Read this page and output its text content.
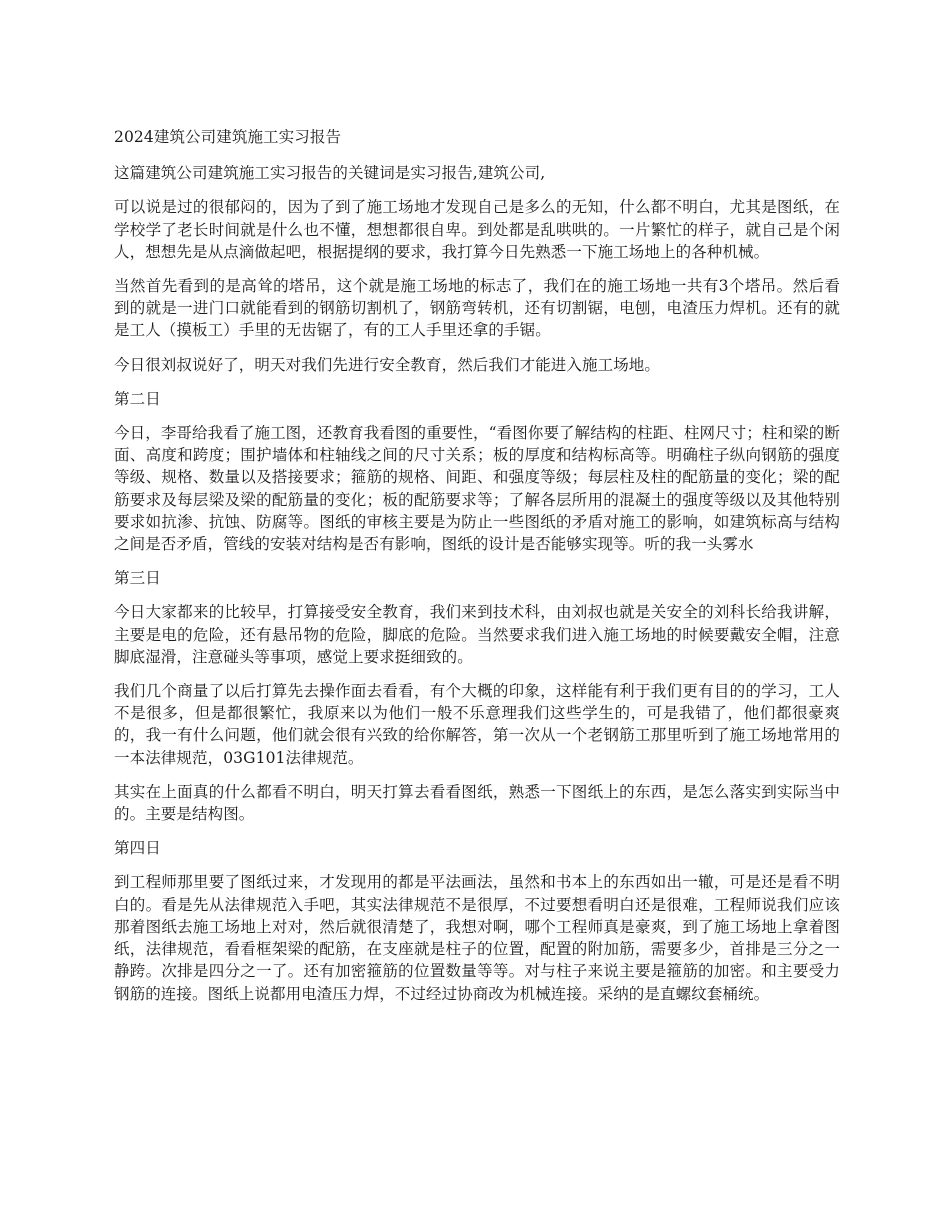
2024建筑公司建筑施工实习报告

这篇建筑公司建筑施工实习报告的关键词是实习报告,建筑公司,

可以说是过的很郁闷的，因为了到了施工场地才发现自己是多么的无知，什么都不明白，尤其是图纸，在学校学了老长时间就是什么也不懂，想想都很自卑。到处都是乱哄哄的。一片繁忙的样子，就自己是个闲人，想想先是从点滴做起吧，根据提纲的要求，我打算今日先熟悉一下施工场地上的各种机械。

当然首先看到的是高耸的塔吊，这个就是施工场地的标志了，我们在的施工场地一共有3个塔吊。然后看到的就是一进门口就能看到的钢筋切割机了，钢筋弯转机，还有切割锯，电刨，电渣压力焊机。还有的就是工人（摸板工）手里的无齿锯了，有的工人手里还拿的手锯。

今日很刘叔说好了，明天对我们先进行安全教育，然后我们才能进入施工场地。

第二日

今日，李哥给我看了施工图，还教育我看图的重要性，“看图你要了解结构的柱距、柱网尺寸；柱和梁的断面、高度和跨度；围护墙体和柱轴线之间的尺寸关系；板的厚度和结构标高等。明确柱子纵向钢筋的强度等级、规格、数量以及搭接要求；箍筋的规格、间距、和强度等级；每层柱及柱的配筋量的变化；梁的配筋要求及每层梁及梁的配筋量的变化；板的配筋要求等；了解各层所用的混凝土的强度等级以及其他特别要求如抗渗、抗蚀、防腐等。图纸的审核主要是为防止一些图纸的矛盾对施工的影响，如建筑标高与结构之间是否矛盾，管线的安装对结构是否有影响，图纸的设计是否能够实现等。听的我一头雾水

第三日

今日大家都来的比较早，打算接受安全教育，我们来到技术科，由刘叔也就是关安全的刘科长给我讲解，主要是电的危险，还有悬吊物的危险，脚底的危险。当然要求我们进入施工场地的时候要戴安全帽，注意脚底湿滑，注意碰头等事项，感觉上要求挺细致的。

我们几个商量了以后打算先去操作面去看看，有个大概的印象，这样能有利于我们更有目的的学习，工人不是很多，但是都很繁忙，我原来以为他们一般不乐意理我们这些学生的，可是我错了，他们都很豪爽的，我一有什么问题，他们就会很有兴致的给你解答，第一次从一个老钢筋工那里听到了施工场地常用的一本法律规范，03G101法律规范。

其实在上面真的什么都看不明白，明天打算去看看图纸，熟悉一下图纸上的东西，是怎么落实到实际当中的。主要是结构图。

第四日

到工程师那里要了图纸过来，才发现用的都是平法画法，虽然和书本上的东西如出一辙，可是还是看不明白的。看是先从法律规范入手吧，其实法律规范不是很厚，不过要想看明白还是很难，工程师说我们应该那着图纸去施工场地上对对，然后就很清楚了，我想对啊，哪个工程师真是豪爽，到了施工场地上拿着图纸，法律规范，看看框架梁的配筋，在支座就是柱子的位置，配置的附加筋，需要多少，首排是三分之一静跨。次排是四分之一了。还有加密箍筋的位置数量等等。对与柱子来说主要是箍筋的加密。和主要受力钢筋的连接。图纸上说都用电渣压力焊，不过经过协商改为机械连接。采纳的是直螺纹套桶统。
